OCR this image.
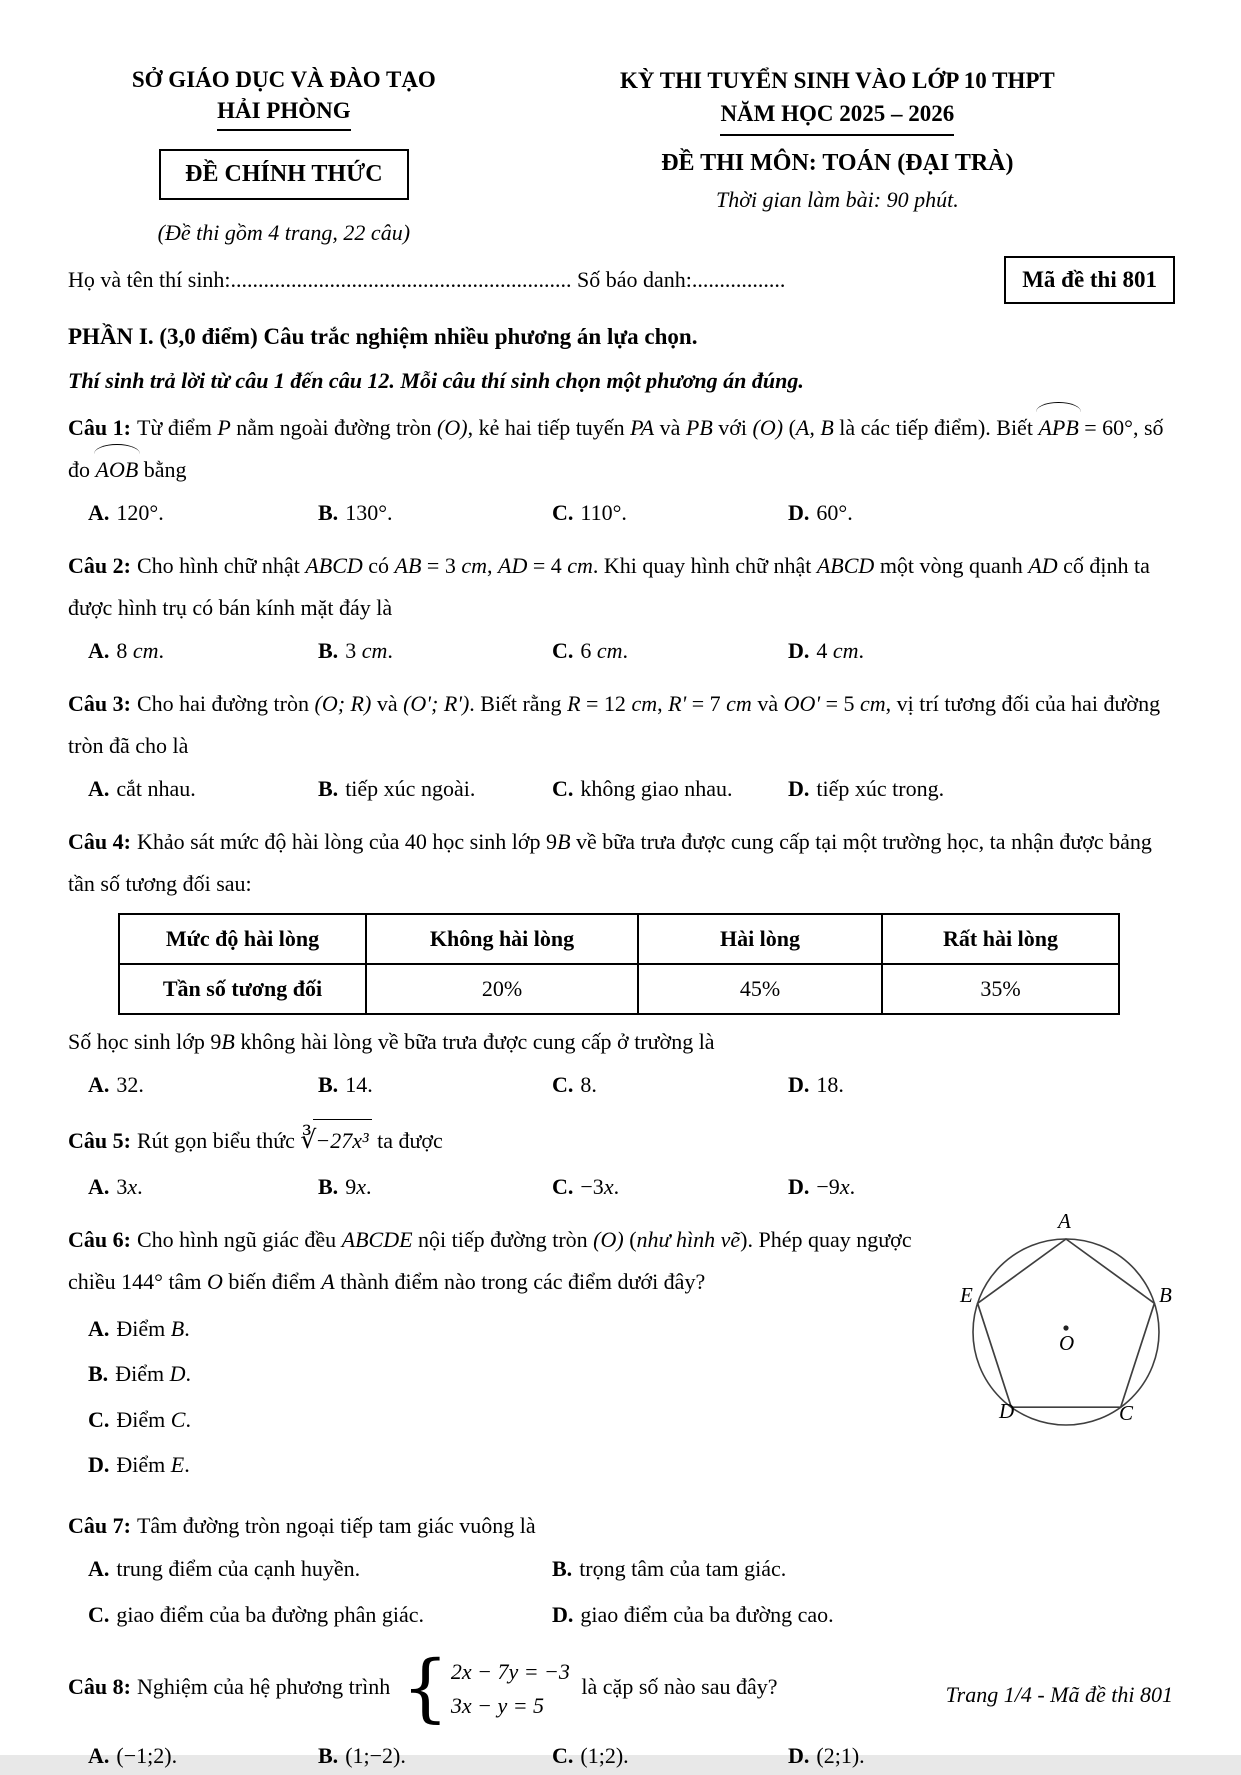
SỞ GIÁO DỤC VÀ ĐÀO TẠO
HẢI PHÒNG
ĐỀ CHÍNH THỨC
(Đề thi gồm 4 trang, 22 câu)
KỲ THI TUYỂN SINH VÀO LỚP 10 THPT
NĂM HỌC 2025 – 2026
ĐỀ THI MÔN: TOÁN (ĐẠI TRÀ)
Thời gian làm bài: 90 phút.
Họ và tên thí sinh:.............................................................. Số báo danh:.................	Mã đề thi 801
PHẦN I. (3,0 điểm) Câu trắc nghiệm nhiều phương án lựa chọn.
Thí sinh trả lời từ câu 1 đến câu 12. Mỗi câu thí sinh chọn một phương án đúng.

Câu 1: Từ điểm P nằm ngoài đường tròn (O), kẻ hai tiếp tuyến PA và PB với (O) (A, B là các tiếp điểm). Biết APB = 60°, số đo AOB bằng

A. 120°.	B. 130°.	C. 110°.	D. 60°.

Câu 2: Cho hình chữ nhật ABCD có AB = 3 cm, AD = 4 cm. Khi quay hình chữ nhật ABCD một vòng quanh AD cố định ta được hình trụ có bán kính mặt đáy là

A. 8 cm.	B. 3 cm.	C. 6 cm.	D. 4 cm.

Câu 3: Cho hai đường tròn (O; R) và (O'; R'). Biết rằng R = 12 cm, R' = 7 cm và OO' = 5 cm, vị trí tương đối của hai đường tròn đã cho là

A. cắt nhau.	B. tiếp xúc ngoài.	C. không giao nhau.	D. tiếp xúc trong.

Câu 4: Khảo sát mức độ hài lòng của 40 học sinh lớp 9B về bữa trưa được cung cấp tại một trường học, ta nhận được bảng tần số tương đối sau:

Mức độ hài lòng	Không hài lòng	Hài lòng	Rất hài lòng
Tần số tương đối	20%	45%	35%

Số học sinh lớp 9B không hài lòng về bữa trưa được cung cấp ở trường là

A. 32.	B. 14.	C. 8.	D. 18.

Câu 5: Rút gọn biểu thức ∛−27x³ ta được

A. 3x.	B. 9x.	C. −3x.	D. −9x.
A
B
C
D
E
O

Câu 6: Cho hình ngũ giác đều ABCDE nội tiếp đường tròn (O) (như hình vẽ). Phép quay ngược chiều 144° tâm O biến điểm A thành điểm nào trong các điểm dưới đây?

A. Điểm B.
B. Điểm D.
C. Điểm C.
D. Điểm E.

Câu 7: Tâm đường tròn ngoại tiếp tam giác vuông là

A. trung điểm của cạnh huyền.	B. trọng tâm của tam giác.
C. giao điểm của ba đường phân giác.	D. giao điểm của ba đường cao.

Câu 8: Nghiệm của hệ phương trình { 2x − 7y = −3
3x − y = 5
là cặp số nào sau đây?

A. (−1;2).	B. (1;−2).	C. (1;2).	D. (2;1).
Trang 1/4 - Mã đề thi 801
